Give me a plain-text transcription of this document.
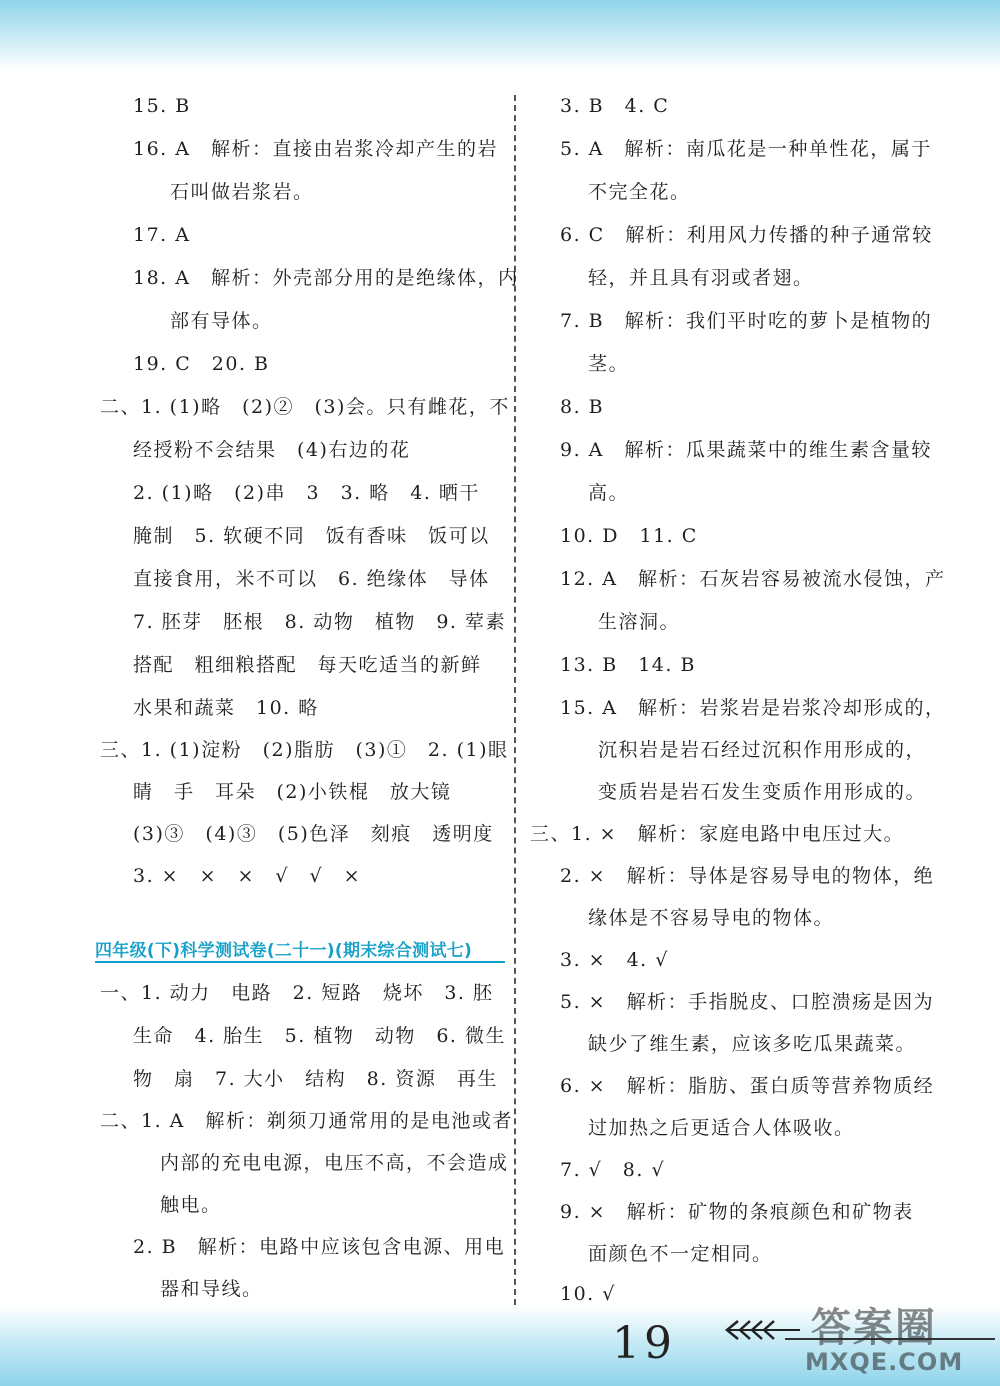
15. B
16. A　解析：直接由岩浆冷却产生的岩
石叫做岩浆岩。
17. A
18. A　解析：外壳部分用的是绝缘体，内
部有导体。
19. C　20. B
二、1. (1)略　(2)②　(3)会。只有雌花，不
经授粉不会结果　(4)右边的花
2. (1)略　(2)串　3　3. 略　4. 晒干
腌制　5. 软硬不同　饭有香味　饭可以
直接食用，米不可以　6. 绝缘体　导体
7. 胚芽　胚根　8. 动物　植物　9. 荤素
搭配　粗细粮搭配　每天吃适当的新鲜
水果和蔬菜　10. 略
三、1. (1)淀粉　(2)脂肪　(3)①　2. (1)眼
睛　手　耳朵　(2)小铁棍　放大镜
(3)③　(4)③　(5)色泽　刻痕　透明度
3. ×　×　×　√　√　×
四年级(下)科学测试卷(二十一)(期末综合测试七)
一、1. 动力　电路　2. 短路　烧坏　3. 胚
生命　4. 胎生　5. 植物　动物　6. 微生
物　扇　7. 大小　结构　8. 资源　再生
二、1. A　解析：剃须刀通常用的是电池或者
内部的充电电源，电压不高，不会造成
触电。
2. B　解析：电路中应该包含电源、用电
器和导线。
3. B　4. C
5. A　解析：南瓜花是一种单性花，属于
不完全花。
6. C　解析：利用风力传播的种子通常较
轻，并且具有羽或者翅。
7. B　解析：我们平时吃的萝卜是植物的
茎。
8. B
9. A　解析：瓜果蔬菜中的维生素含量较
高。
10. D　11. C
12. A　解析：石灰岩容易被流水侵蚀，产
生溶洞。
13. B　14. B
15. A　解析：岩浆岩是岩浆冷却形成的，
沉积岩是岩石经过沉积作用形成的，
变质岩是岩石发生变质作用形成的。
三、1. ×　解析：家庭电路中电压过大。
2. ×　解析：导体是容易导电的物体，绝
缘体是不容易导电的物体。
3. ×　4. √
5. ×　解析：手指脱皮、口腔溃疡是因为
缺少了维生素，应该多吃瓜果蔬菜。
6. ×　解析：脂肪、蛋白质等营养物质经
过加热之后更适合人体吸收。
7. √　8. √
9. ×　解析：矿物的条痕颜色和矿物表
面颜色不一定相同。
10. √
19	答案圈
MXQE.COM
